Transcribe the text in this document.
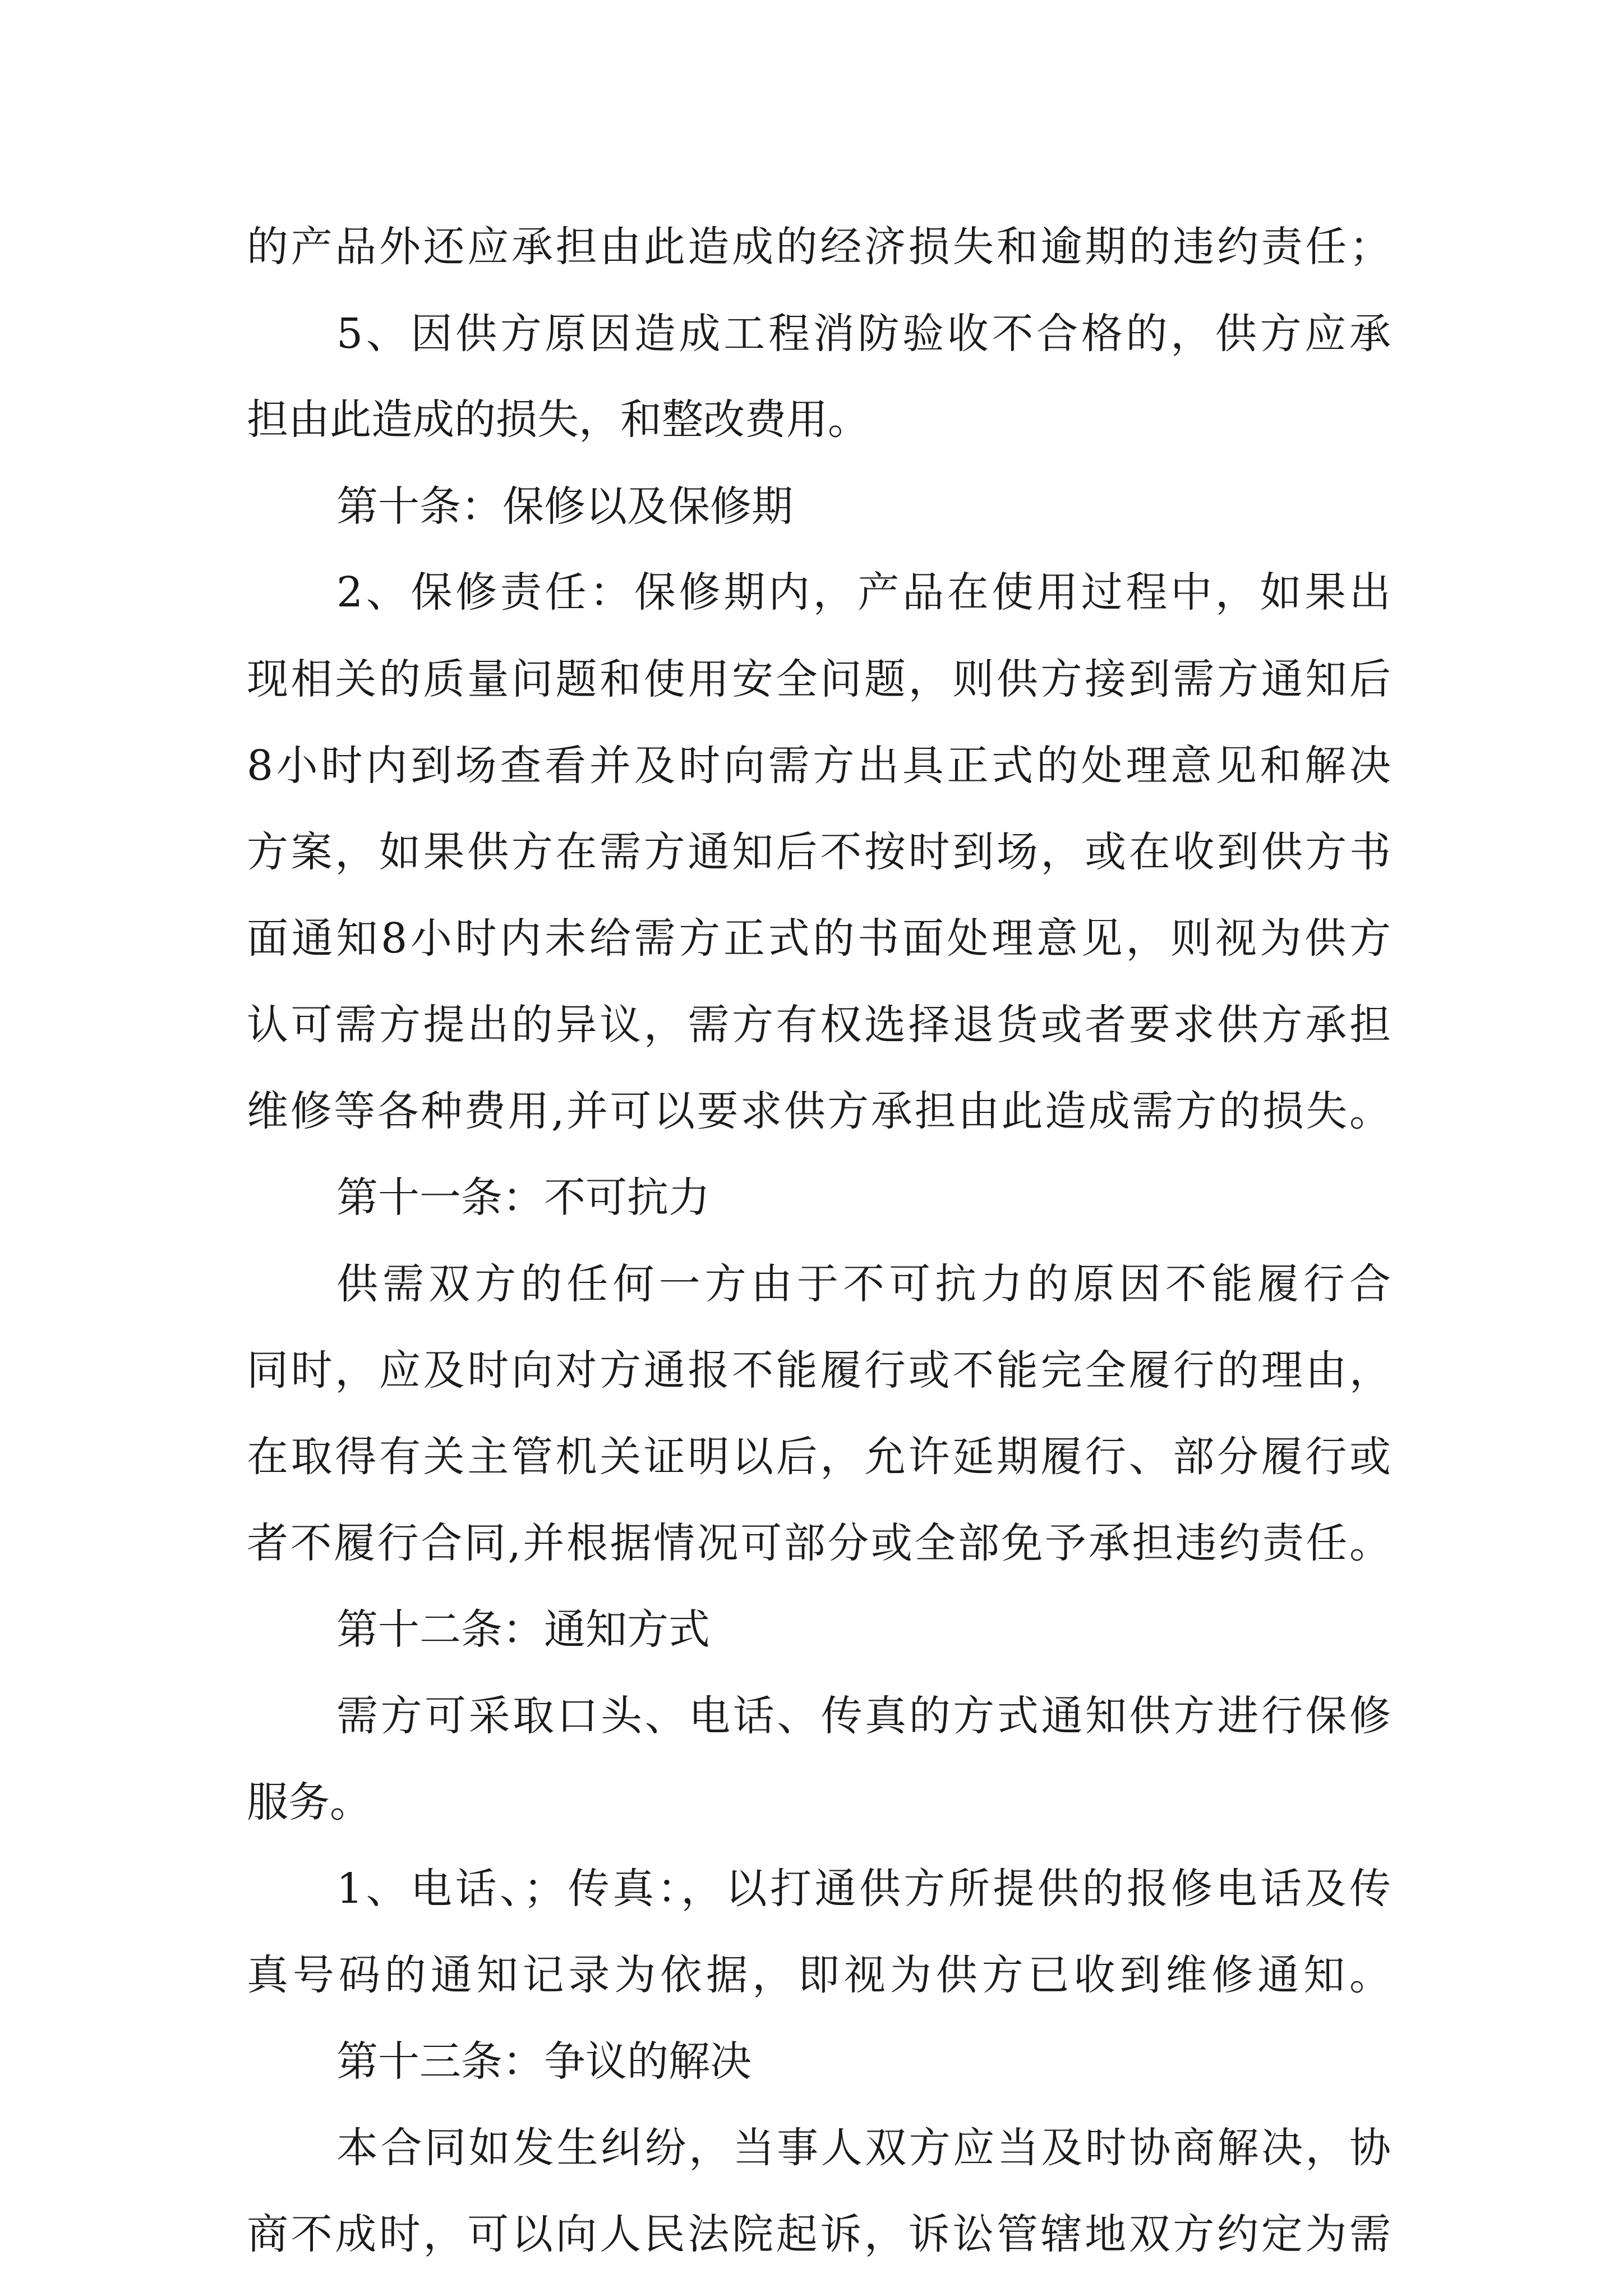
的产品外还应承担由此造成的经济损失和逾期的违约责任；
5、因供方原因造成工程消防验收不合格的，供方应承
担由此造成的损失，和整改费用。
第十条：保修以及保修期
2、保修责任：保修期内，产品在使用过程中，如果出
现相关的质量问题和使用安全问题，则供方接到需方通知后
8小时内到场查看并及时向需方出具正式的处理意见和解决
方案，如果供方在需方通知后不按时到场，或在收到供方书
面通知8小时内未给需方正式的书面处理意见，则视为供方
认可需方提出的异议，需方有权选择退货或者要求供方承担
维修等各种费用,并可以要求供方承担由此造成需方的损失。
第十一条：不可抗力
供需双方的任何一方由于不可抗力的原因不能履行合
同时，应及时向对方通报不能履行或不能完全履行的理由，
在取得有关主管机关证明以后，允许延期履行、部分履行或
者不履行合同,并根据情况可部分或全部免予承担违约责任。
第十二条：通知方式
需方可采取口头、电话、传真的方式通知供方进行保修
服务。
1、电话、；传真：，以打通供方所提供的报修电话及传
真号码的通知记录为依据，即视为供方已收到维修通知。
第十三条：争议的解决
本合同如发生纠纷，当事人双方应当及时协商解决，协
商不成时，可以向人民法院起诉，诉讼管辖地双方约定为需
